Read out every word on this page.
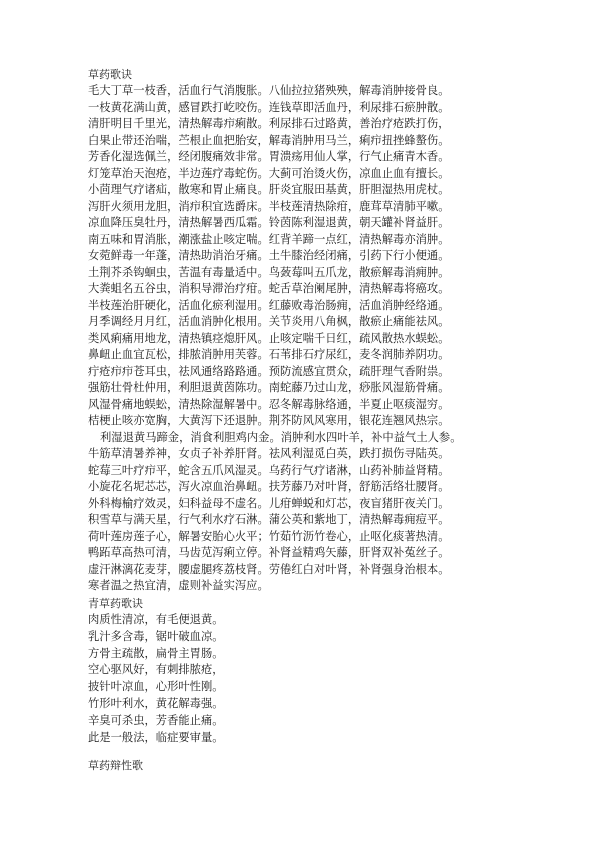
草药歌诀
毛大丁草一枝香，活血行气消腹胀。八仙拉拉猪殃殃，解毒消肿接骨良。
一枝黄花满山黄，感冒跌打屹咬伤。连钱草即活血丹，利尿排石瘀肿散。
清肝明目千里光，清热解毒疖痢散。利尿排石过路黄，善治疗疮跌打伤，
白果止带还治喘，苎根止血把胎安，解毒消肿用马兰，痢疖扭挫蜂螯伤。
芳香化湿选佩兰，经闭腹痛效非常。胃溃疡用仙人掌，行气止痛青木香。
灯笼草治天泡疮，半边莲疗毒蛇伤。大蓟可治烫火伤，凉血止血有擅长。
小茴理气疗诸疝，散寒和胃止痛良。肝炎宜服田基黄，肝胆湿热用虎杖。
泻肝火须用龙胆，消疖积宜选爵床。半枝莲清热除疳，鹿茸草清肺平嗽。
凉血降压臭牡丹，清热解暑西瓜霜。铃茵陈利湿退黄，朝天罐补肾益肝。
南五味和胃消胀，潮涨盐止咳定喘。红背羊蹄一点红，清热解毒亦消肿。
女菀鲜毒一年蓬，清热助消治牙痛。土牛膝治经闭痛，引药下行小便通。
土荆芥杀钩蛔虫，苦温有毒量适中。鸟蔹莓叫五爪龙，散瘀解毒消痈肿。
大粪蛆名五谷虫，消积导滞治疗疳。蛇舌草治阑尾肿，清热解毒将癌攻。
半枝莲治肝硬化，活血化瘀利湿用。红藤败毒治肠痈，活血消肿经络通。
月季调经月月红，活血消肿化根用。关节炎用八角枫，散瘀止痛能祛风。
类风痢痛用地龙，清热镇痉熄肝风。止咳定喘千日红，疏风散热水蜈蚣。
鼻衄止血宜瓦松，排脓消肿用芙蓉。石苇排石疗尿红，麦冬润肺养阴功。
疔疮疖疖苍耳虫，祛风通络路路通。预防流感宜贯众，疏肝理气香附祟。
强筋壮骨杜仲用，利胆退黄茵陈功。南蛇藤乃过山龙，痧胀风湿筋骨痛。
风湿骨痛地蜈蚣，清热除湿解暑中。忍冬解毒脉络通，半夏止呕痰湿穷。
桔梗止咳亦宽胸，大黄泻下还退肿。荆芥防风风寒用，银花连翘风热宗。
利湿退黄马蹄金，消食利胆鸡内金。消肿利水四叶羊，补中益气土人参。
牛筋草清暑养神，女贞子补养肝肾。祛风利湿觅白英，跌打损伤寻陆英。
蛇莓三叶疗疖平，蛇含五爪风湿灵。乌药行气疗诸淋，山药补肺益肾精。
小旋花名坭芯芯，泻火凉血治鼻衄。扶芳藤乃对叶肾，舒筋活络壮腰肾。
外科梅榆疗效灵，妇科益母不虚名。儿疳蝉蜕和灯芯，夜盲猪肝夜关门。
积雪草与满天星，行气利水疗石淋。蒲公英和紫地丁，清热解毒痈痘平。
荷叶莲房莲子心，解暑安胎心火平；竹茹竹沥竹卷心，止呕化痰著热清。
鸭跖草高热可清，马齿苋泻痢立停。补肾益精鸡矢藤，肝肾双补菟丝子。
虚汗淋漓花麦芽，腰虚腿疼荔枝肾。劳倦红白对叶肾，补肾强身治根本。
寒者温之热宜清，虚则补益实泻应。
青草药歌诀
肉质性清凉，有毛便退黄。
乳汁多含毒，锯叶破血凉。
方骨主疏散，扁骨主胃肠。
空心驱风好，有刺排脓疮，
披针叶凉血，心形叶性刚。
竹形叶利水，黄花解毒强。
辛臭可杀虫，芳香能止痛。
此是一般法，临症要审量。
草药辩性歌
